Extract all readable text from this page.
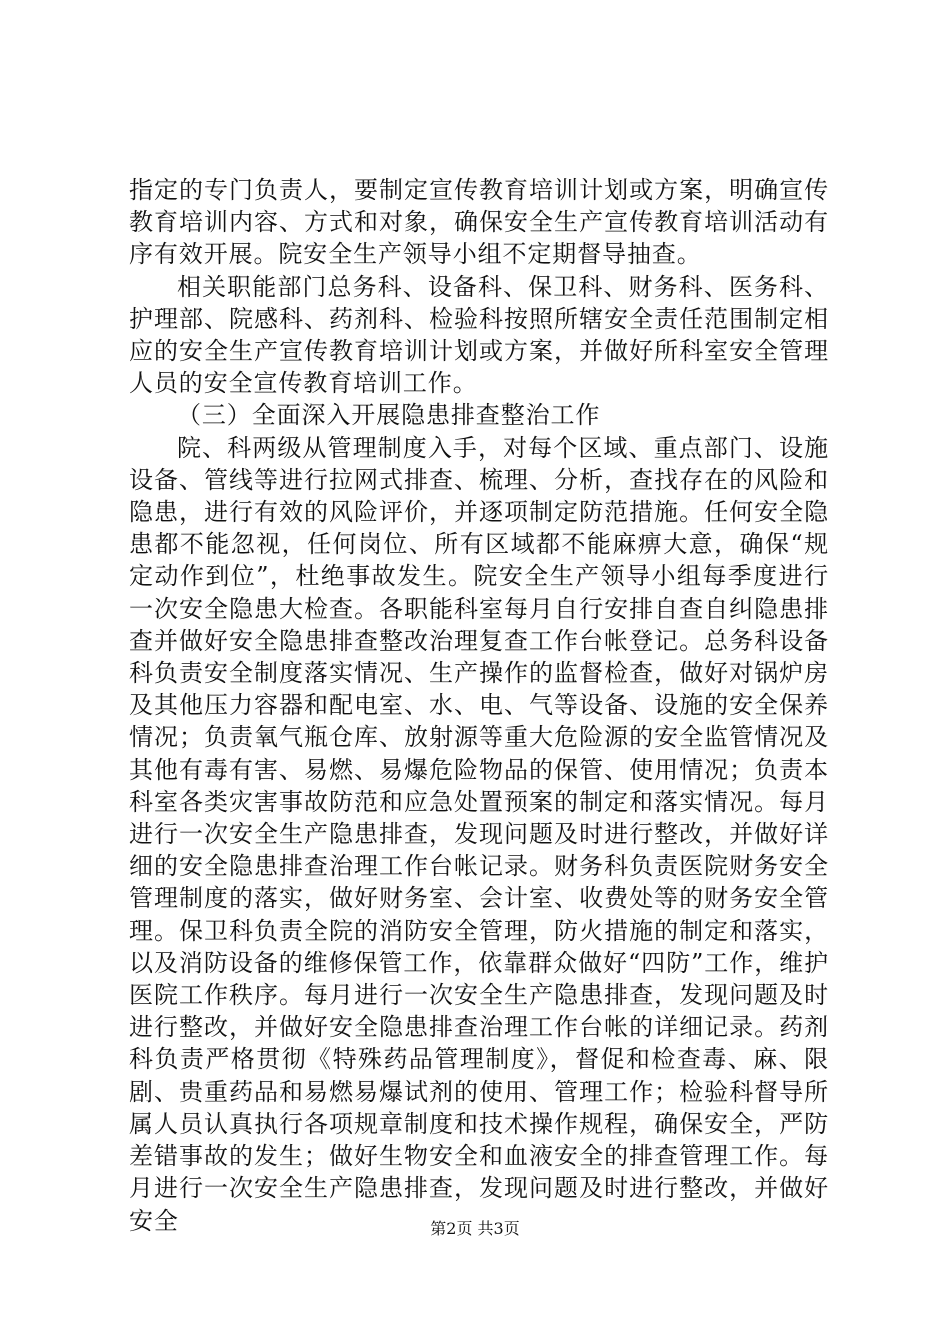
指定的专门负责人，要制定宣传教育培训计划或方案，明确宣传教育培训内容、方式和对象，确保安全生产宣传教育培训活动有序有效开展。院安全生产领导小组不定期督导抽查。

相关职能部门总务科、设备科、保卫科、财务科、医务科、护理部、院感科、药剂科、检验科按照所辖安全责任范围制定相应的安全生产宣传教育培训计划或方案，并做好所科室安全管理人员的安全宣传教育培训工作。

（三）全面深入开展隐患排查整治工作

院、科两级从管理制度入手，对每个区域、重点部门、设施设备、管线等进行拉网式排查、梳理、分析，查找存在的风险和隐患，进行有效的风险评价，并逐项制定防范措施。任何安全隐患都不能忽视，任何岗位、所有区域都不能麻痹大意，确保“规定动作到位”，杜绝事故发生。院安全生产领导小组每季度进行一次安全隐患大检查。各职能科室每月自行安排自查自纠隐患排查并做好安全隐患排查整改治理复查工作台帐登记。总务科设备科负责安全制度落实情况、生产操作的监督检查，做好对锅炉房及其他压力容器和配电室、水、电、气等设备、设施的安全保养情况；负责氧气瓶仓库、放射源等重大危险源的安全监管情况及其他有毒有害、易燃、易爆危险物品的保管、使用情况；负责本科室各类灾害事故防范和应急处置预案的制定和落实情况。每月进行一次安全生产隐患排查，发现问题及时进行整改，并做好详细的安全隐患排查治理工作台帐记录。财务科负责医院财务安全管理制度的落实，做好财务室、会计室、收费处等的财务安全管理。保卫科负责全院的消防安全管理，防火措施的制定和落实，以及消防设备的维修保管工作，依靠群众做好“四防”工作，维护医院工作秩序。每月进行一次安全生产隐患排查，发现问题及时进行整改，并做好安全隐患排查治理工作台帐的详细记录。药剂科负责严格贯彻《特殊药品管理制度》，督促和检查毒、麻、限剧、贵重药品和易燃易爆试剂的使用、管理工作；检验科督导所属人员认真执行各项规章制度和技术操作规程，确保安全，严防差错事故的发生；做好生物安全和血液安全的排查管理工作。每月进行一次安全生产隐患排查，发现问题及时进行整改，并做好安全	第2页 共3页
